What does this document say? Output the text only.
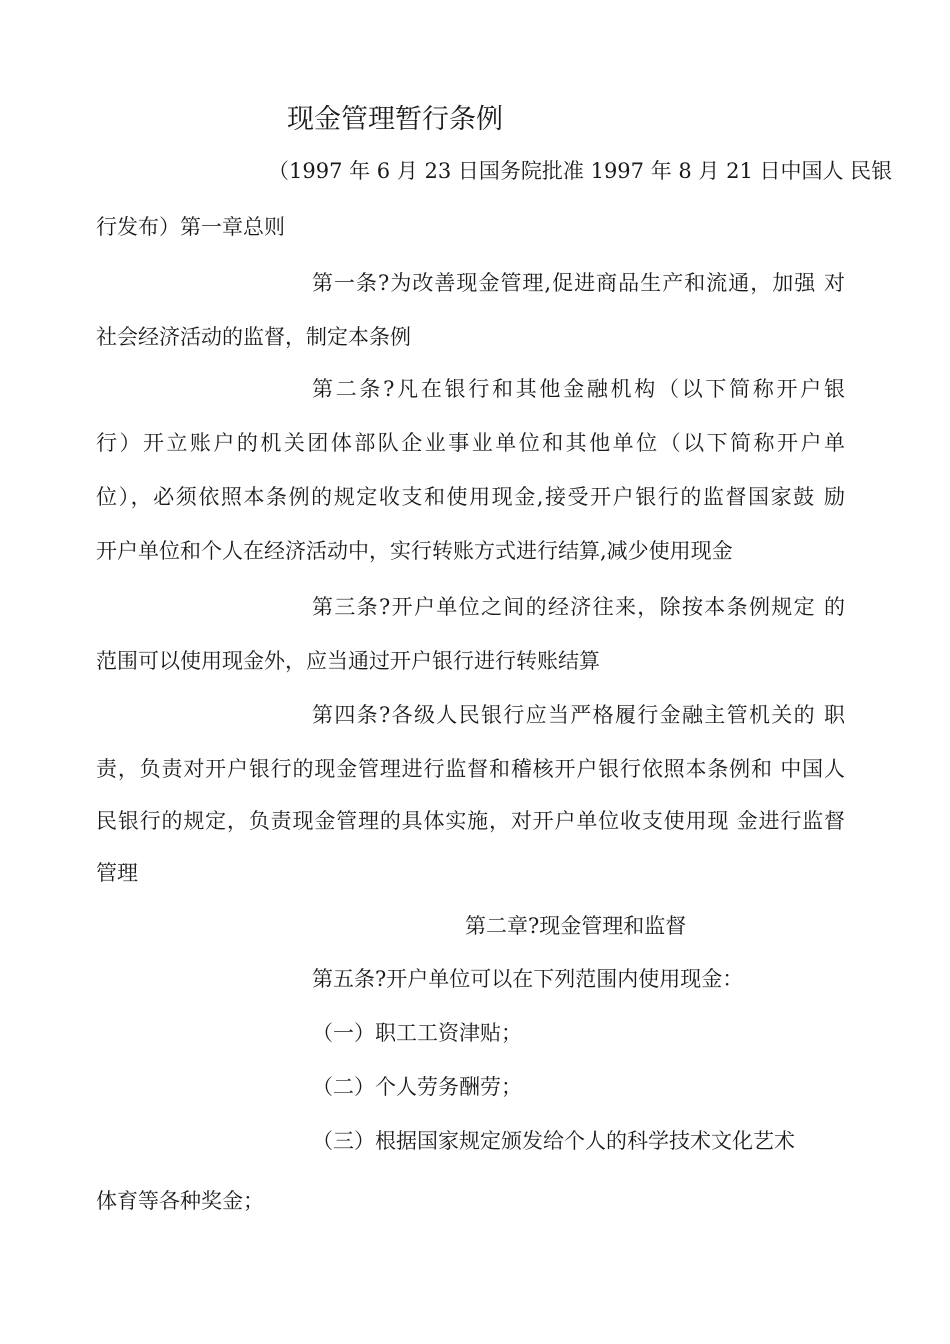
现金管理暂行条例
（1997 年 6 月 23 日国务院批准 1997 年 8 月 21 日中国人 民银
行发布）第一章总则
第一条?为改善现金管理,促进商品生产和流通，加强 对
社会经济活动的监督，制定本条例
第二条?凡在银行和其他金融机构（以下简称开户银
行）开立账户的机关团体部队企业事业单位和其他单位（以下简称开户单
位），必须依照本条例的规定收支和使用现金,接受开户银行的监督国家鼓 励
开户单位和个人在经济活动中，实行转账方式进行结算,减少使用现金
第三条?开户单位之间的经济往来，除按本条例规定 的
范围可以使用现金外，应当通过开户银行进行转账结算
第四条?各级人民银行应当严格履行金融主管机关的 职
责，负责对开户银行的现金管理进行监督和稽核开户银行依照本条例和 中国人
民银行的规定，负责现金管理的具体实施，对开户单位收支使用现 金进行监督
管理
第二章?现金管理和监督
第五条?开户单位可以在下列范围内使用现金：
（一）职工工资津贴；
（二）个人劳务酬劳；
（三）根据国家规定颁发给个人的科学技术文化艺术
体育等各种奖金；
